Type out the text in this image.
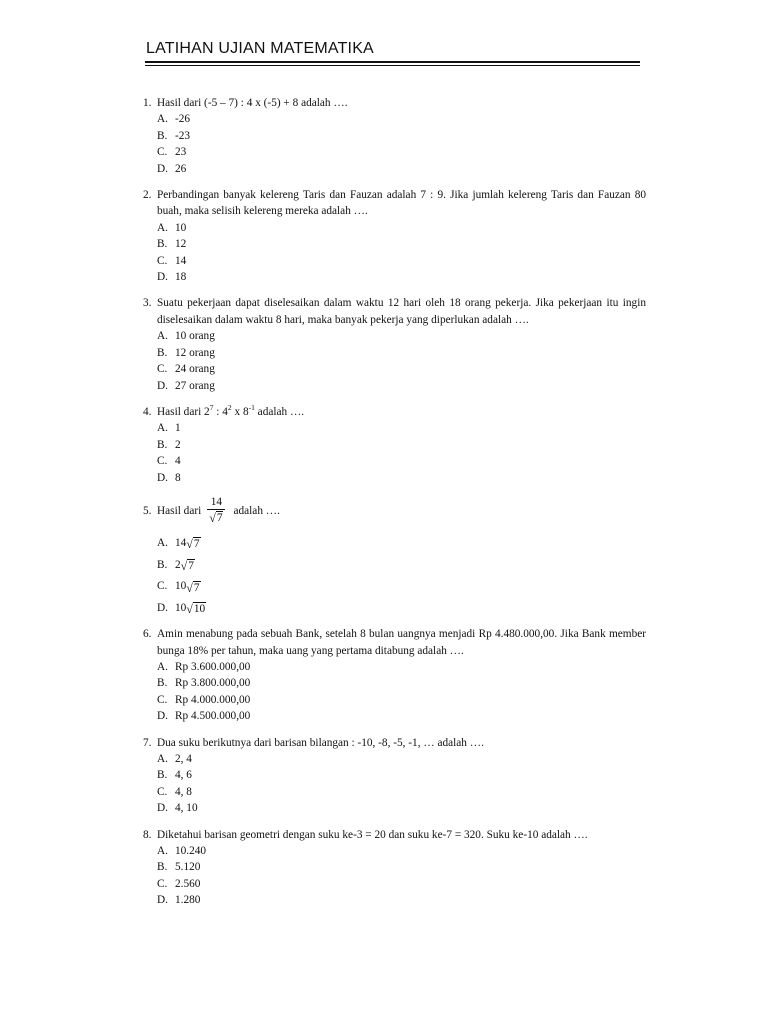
LATIHAN UJIAN MATEMATIKA
1. Hasil dari (-5 – 7) : 4 x (-5) + 8 adalah ….
A. -26
B. -23
C. 23
D. 26
2. Perbandingan banyak kelereng Taris dan Fauzan adalah 7 : 9. Jika jumlah kelereng Taris dan Fauzan 80 buah, maka selisih kelereng mereka adalah ….
A. 10
B. 12
C. 14
D. 18
3. Suatu pekerjaan dapat diselesaikan dalam waktu 12 hari oleh 18 orang pekerja. Jika pekerjaan itu ingin diselesaikan dalam waktu 8 hari, maka banyak pekerja yang diperlukan adalah ….
A. 10 orang
B. 12 orang
C. 24 orang
D. 27 orang
4. Hasil dari $2^7$ : $4^2$ x $8^{-1}$ adalah ….
A. 1
B. 2
C. 4
D. 8
5. Hasil dari $\frac{14}{√ 7}$ adalah ….
A. 14 √ 7
B. 2 √ 7
C. 10 √ 7
D. 10 √ 10
6. Amin menabung pada sebuah Bank, setelah 8 bulan uangnya menjadi Rp 4.480.000,00. Jika Bank member bunga 18% per tahun, maka uang yang pertama ditabung adalah ….
A. Rp 3.600.000,00
B. Rp 3.800.000,00
C. Rp 4.000.000,00
D. Rp 4.500.000,00
7. Dua suku berikutnya dari barisan bilangan : -10, -8, -5, -1, … adalah ….
A. 2, 4
B. 4, 6
C. 4, 8
D. 4, 10
8. Diketahui barisan geometri dengan suku ke-3 = 20 dan suku ke-7 = 320. Suku ke-10 adalah ….
A. 10.240
B. 5.120
C. 2.560
D. 1.280
